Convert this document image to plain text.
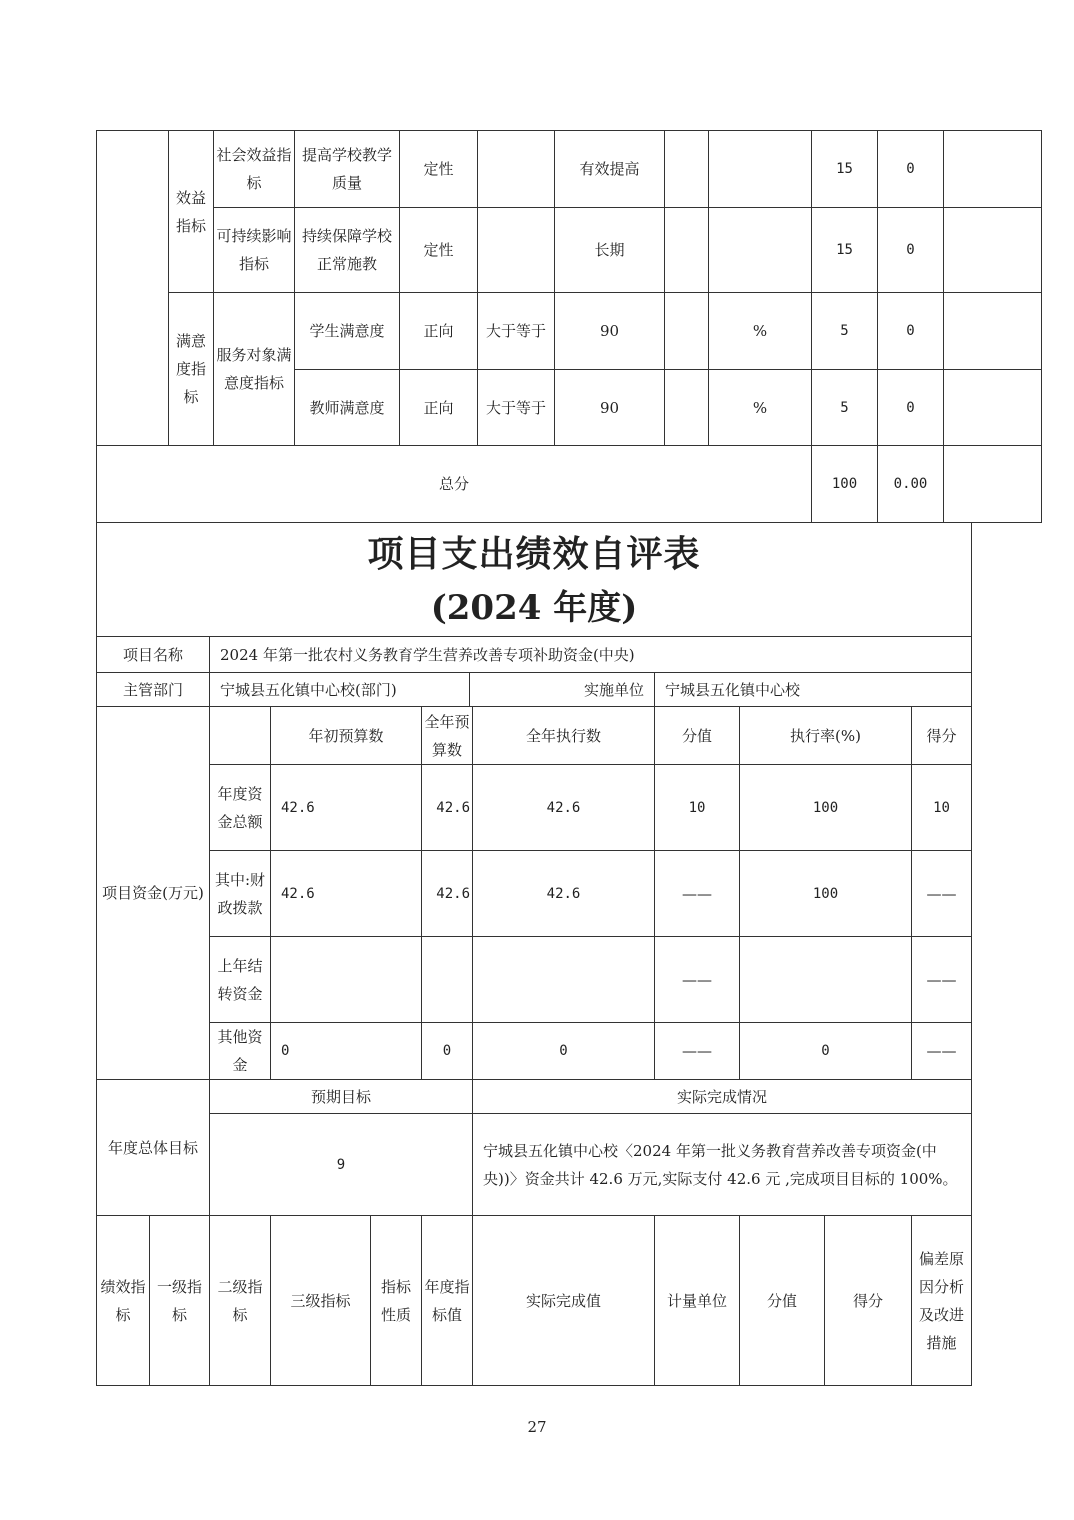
	效益指标	社会效益指标	提高学校教学质量	定性		有效提高			15	0	
		可持续影响指标	持续保障学校正常施教	定性		长期			15	0	
	满意度指标	服务对象满意度指标	学生满意度	正向	大于等于	90		%	5	0	
			教师满意度	正向	大于等于	90		%	5	0	
总分									100	0.00	
项目支出绩效自评表
(2024 年度)											

项目名称		2024 年第一批农村义务教育学生营养改善专项补助资金(中央)									
主管部门		宁城县五化镇中心校(部门)				实施单位		宁城县五化镇中心校			
项目资金(万元)			年初预算数		全年预算数		全年执行数	分值	执行率(%)		得分
		年度资金总额	42.6		42.6		42.6	10	100		10
		其中:财政拨款	42.6		42.6		42.6	——	100		——
		上年结转资金						——			——
		其他资金	0		0		0	——	0		——
年度总体目标		预期目标					实际完成情况				
		9					宁城县五化镇中心校〈2024 年第一批义务教育营养改善专项资金(中央))〉资金共计 42.6 万元,实际支付 42.6 元 ,完成项目目标的 100%。				
绩效指标	一级指标	二级指标	三级指标	指标性质	年度指标值		实际完成值	计量单位	分值	得分	偏差原因分析及改进措施
27
